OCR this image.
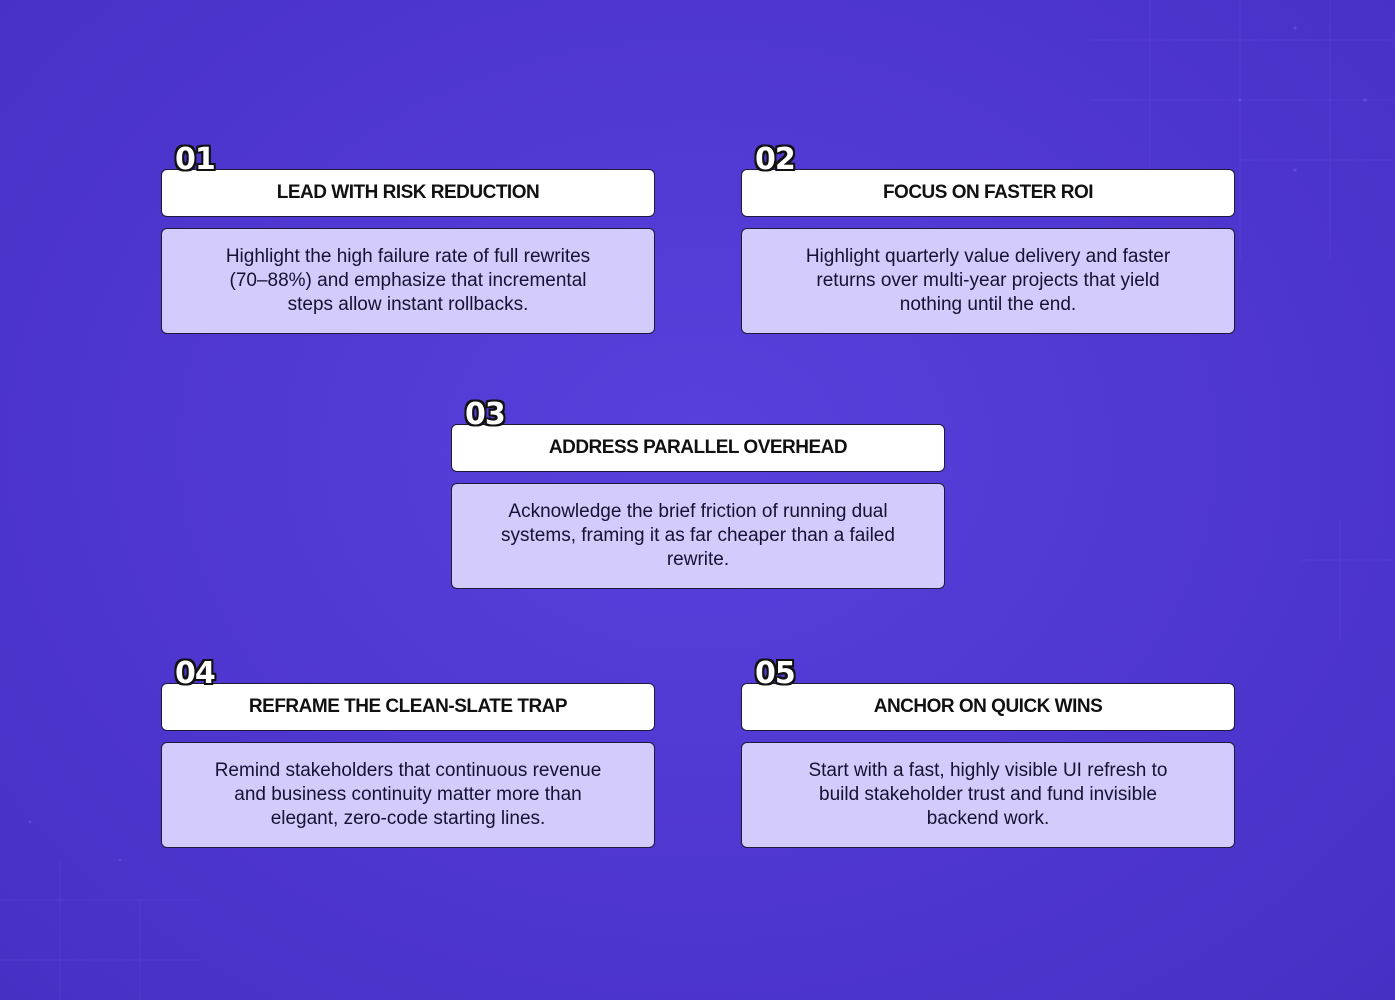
01
LEAD WITH RISK REDUCTION
Highlight the high failure rate of full rewrites (70–88%) and emphasize that incremental steps allow instant rollbacks.
02
FOCUS ON FASTER ROI
Highlight quarterly value delivery and faster returns over multi-year projects that yield nothing until the end.
03
ADDRESS PARALLEL OVERHEAD
Acknowledge the brief friction of running dual systems, framing it as far cheaper than a failed rewrite.
04
REFRAME THE CLEAN-SLATE TRAP
Remind stakeholders that continuous revenue and business continuity matter more than elegant, zero-code starting lines.
05
ANCHOR ON QUICK WINS
Start with a fast, highly visible UI refresh to build stakeholder trust and fund invisible backend work.
